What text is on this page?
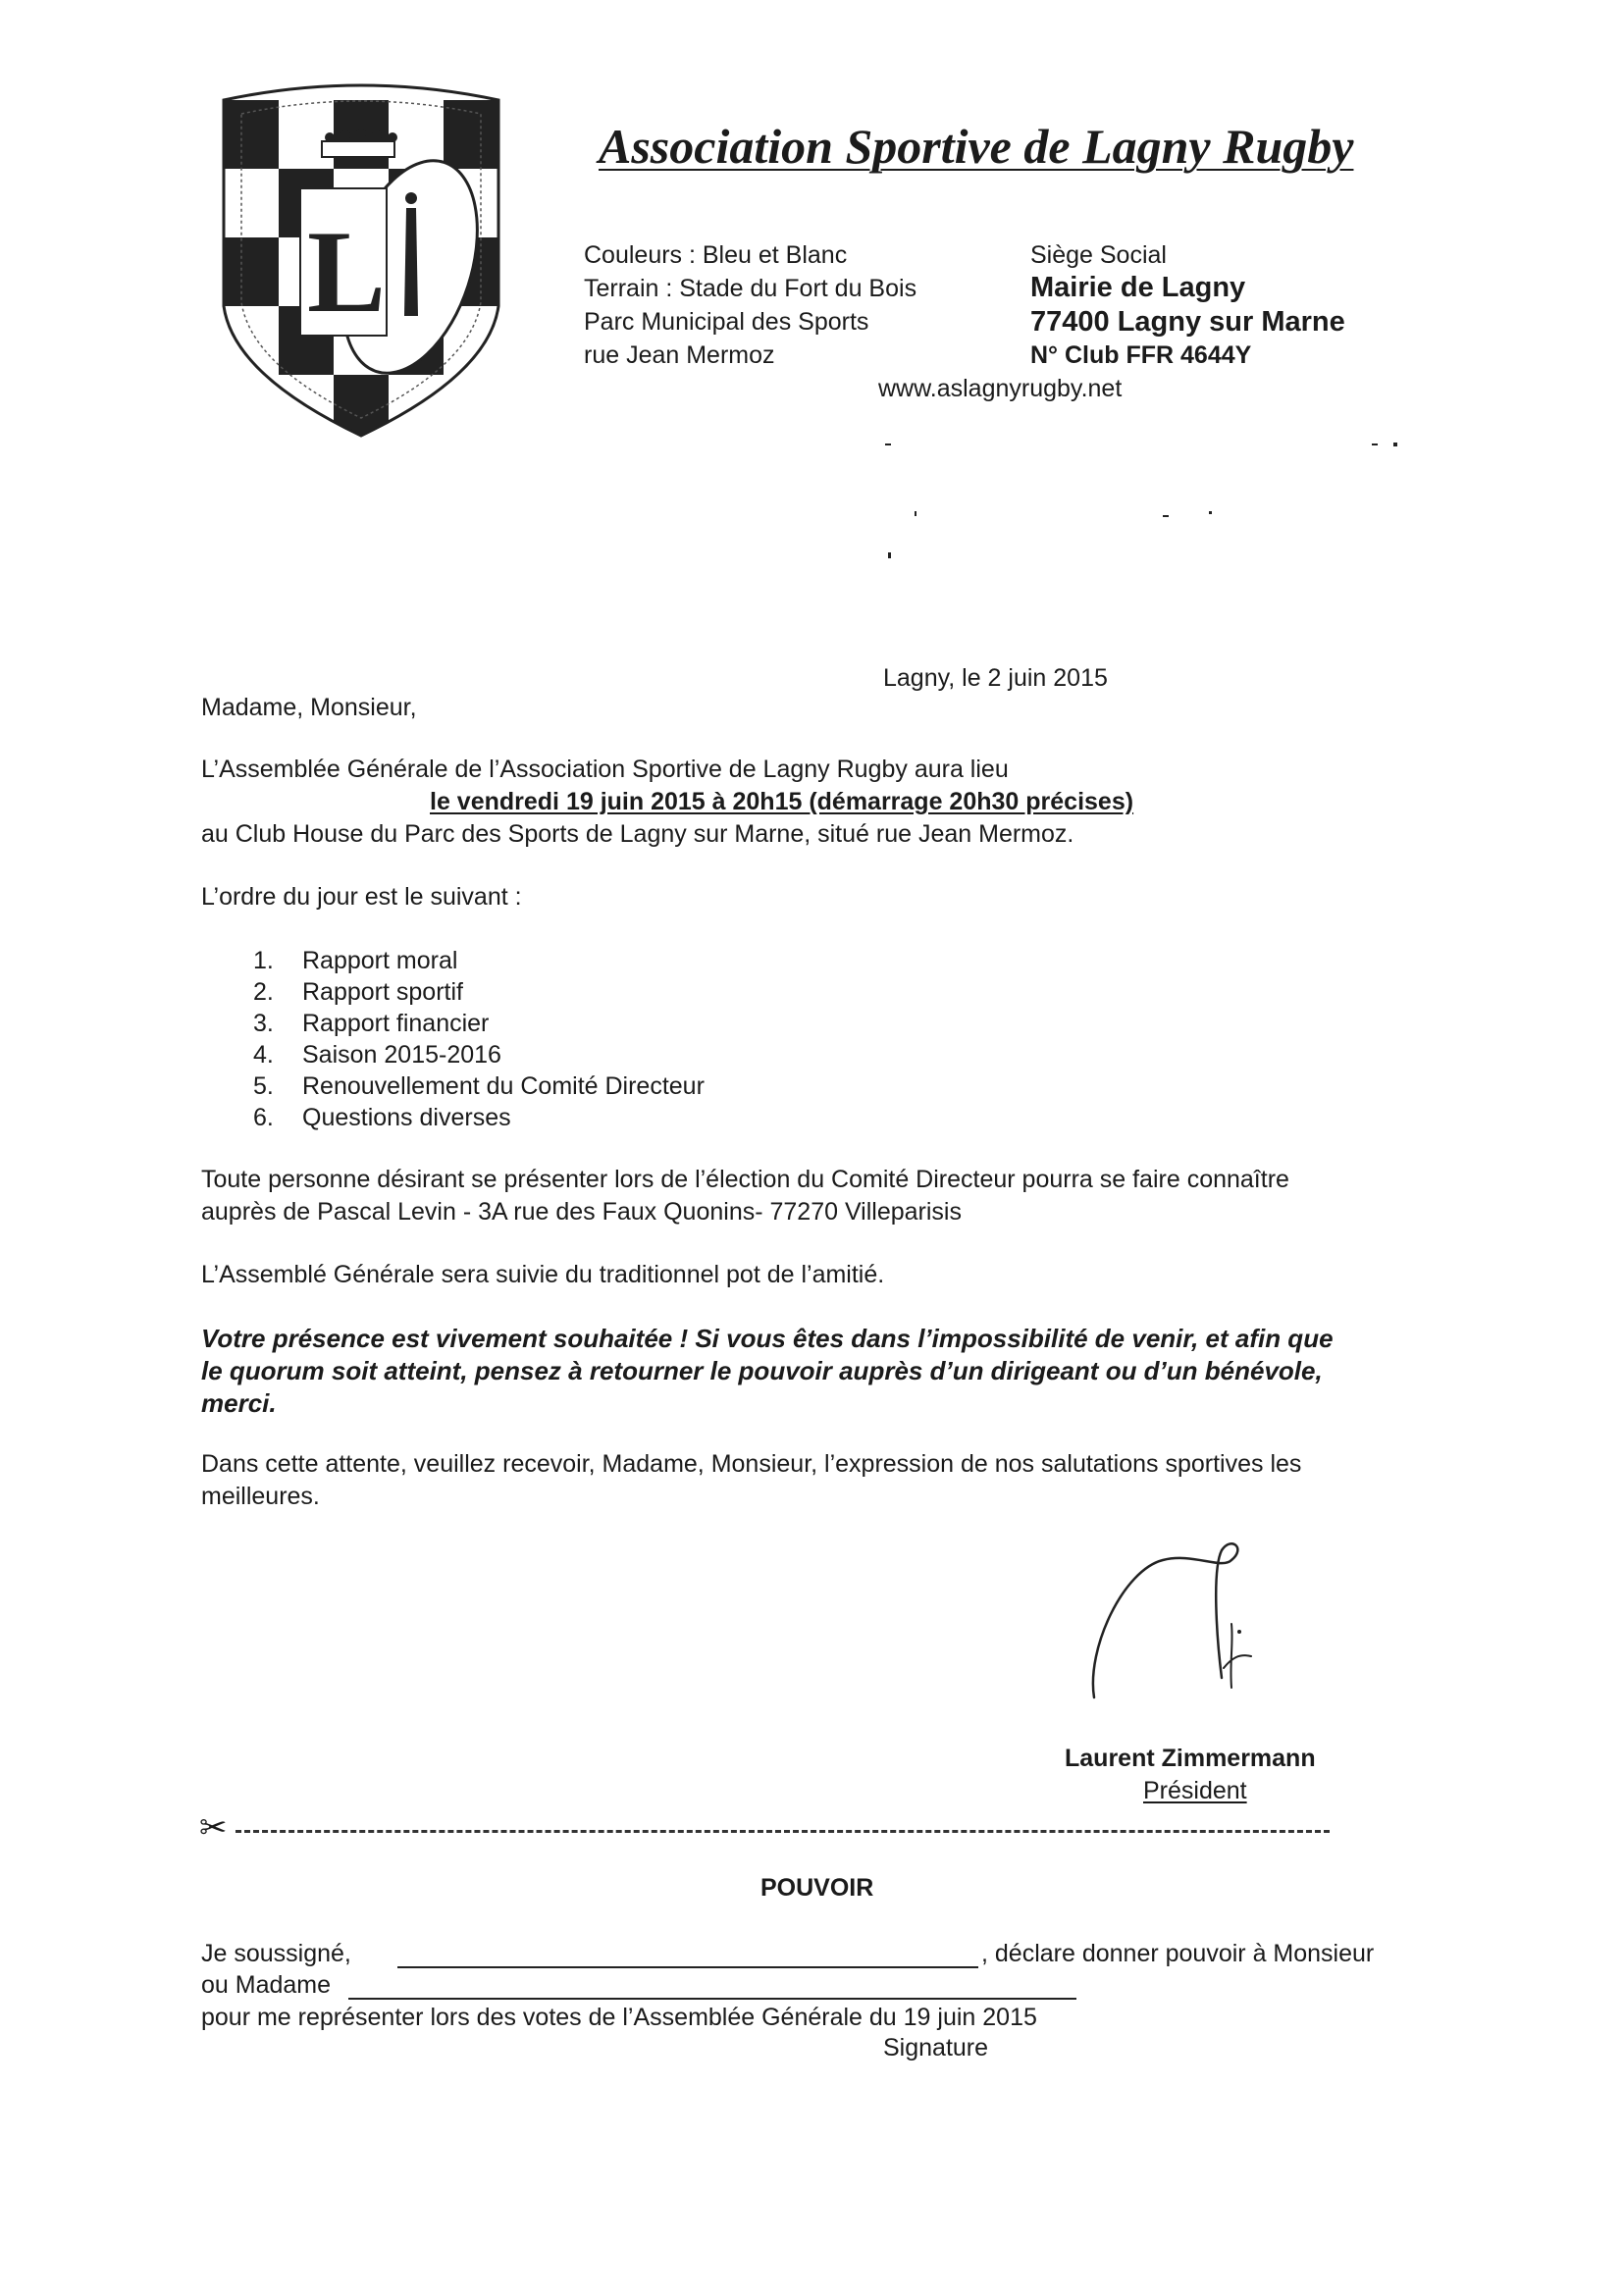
L
Association Sportive de Lagny Rugby
Couleurs : Bleu et Blanc
Terrain : Stade du Fort du Bois
Parc Municipal des Sports
rue Jean Mermoz
Siège Social
Mairie de Lagny
77400 Lagny sur Marne
N° Club FFR 4644Y
www.aslagnyrugby.net
Lagny, le 2 juin 2015
Madame, Monsieur,
L’Assemblée Générale de l’Association Sportive de Lagny Rugby aura lieu
le vendredi 19 juin 2015 à 20h15 (démarrage 20h30 précises)
au Club House du Parc des Sports de Lagny sur Marne, situé rue Jean Mermoz.
L’ordre du jour est le suivant :
1. Rapport moral
2. Rapport sportif
3. Rapport financier
4. Saison 2015-2016
5. Renouvellement du Comité Directeur
6. Questions diverses
Toute personne désirant se présenter lors de l’élection du Comité Directeur pourra se faire connaître
auprès de Pascal Levin - 3A rue des Faux Quonins- 77270 Villeparisis
L’Assemblé Générale sera suivie du traditionnel pot de l’amitié.
Votre présence est vivement souhaitée ! Si vous êtes dans l’impossibilité de venir, et afin que
le quorum soit atteint, pensez à retourner le pouvoir auprès d’un dirigeant ou d’un bénévole,
merci.
Dans cette attente, veuillez recevoir, Madame, Monsieur, l’expression de nos salutations sportives les
meilleures.
Laurent Zimmermann
Président
✂
POUVOIR
Je soussigné,	, déclare donner pouvoir à Monsieur
ou Madame
pour me représenter lors des votes de l’Assemblée Générale du 19 juin 2015
Signature
